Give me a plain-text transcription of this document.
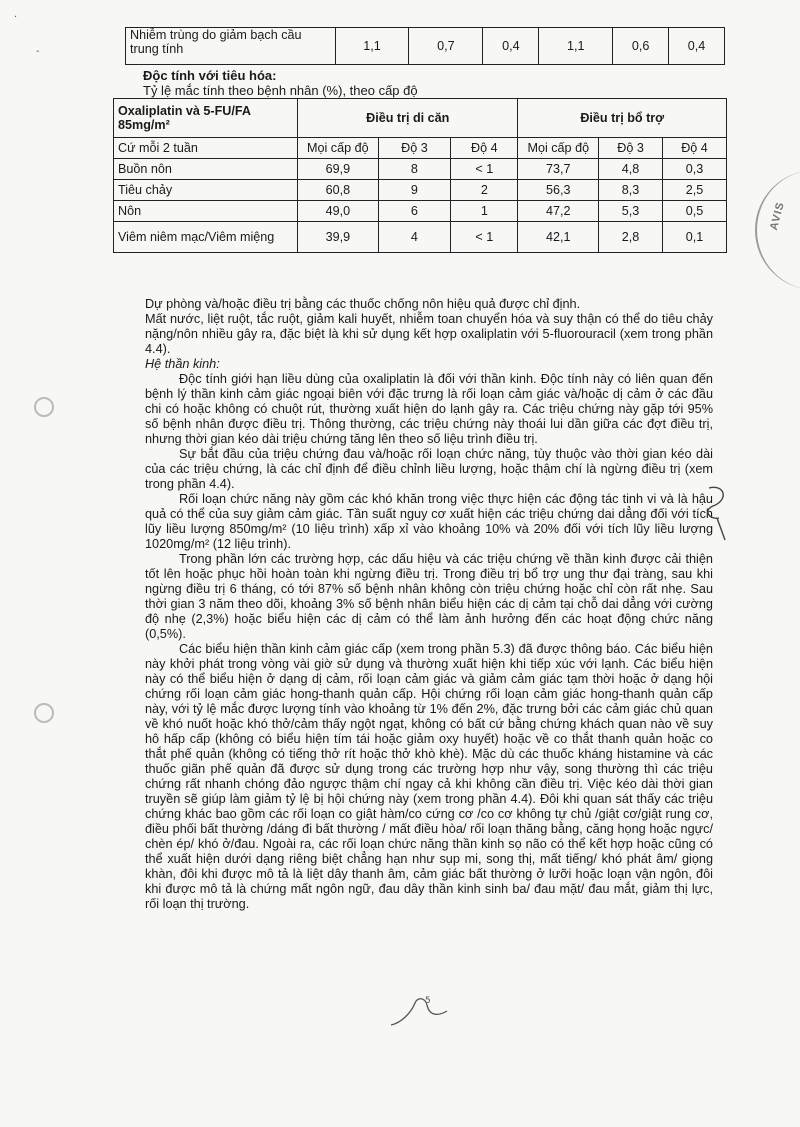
·
-
Nhiễm trùng do giảm bạch cầu trung tính	1,1	0,7	0,4	1,1	0,6	0,4
Độc tính với tiêu hóa:
Tỷ lệ mắc tính theo bệnh nhân (%), theo cấp độ
Oxaliplatin và 5-FU/FA 85mg/m²	Điều trị di căn			Điều trị bổ trợ		
Cứ mỗi 2 tuần	Mọi cấp độ	Độ 3	Độ 4	Mọi cấp độ	Độ 3	Độ 4
Buồn nôn	69,9	8	< 1	73,7	4,8	0,3
Tiêu chảy	60,8	9	2	56,3	8,3	2,5
Nôn	49,0	6	1	47,2	5,3	0,5
Viêm niêm mạc/Viêm miệng	39,9	4	< 1	42,1	2,8	0,1

Dự phòng và/hoặc điều trị bằng các thuốc chống nôn hiệu quả được chỉ định.

Mất nước, liệt ruột, tắc ruột, giảm kali huyết, nhiễm toan chuyển hóa và suy thận có thể do tiêu chảy nặng/nôn nhiều gây ra, đặc biệt là khi sử dụng kết hợp oxaliplatin với 5-fluorouracil (xem trong phần 4.4).

Hệ thần kinh:

Độc tính giới hạn liều dùng của oxaliplatin là đối với thần kinh. Độc tính này có liên quan đến bệnh lý thần kinh cảm giác ngoại biên với đặc trưng là rối loạn cảm giác và/hoặc dị cảm ở các đầu chi có hoặc không có chuột rút, thường xuất hiện do lạnh gây ra. Các triệu chứng này gặp tới 95% số bệnh nhân được điều trị. Thông thường, các triệu chứng này thoái lui dần giữa các đợt điều trị, nhưng thời gian kéo dài triệu chứng tăng lên theo số liệu trình điều trị.

Sự bắt đầu của triệu chứng đau và/hoặc rối loạn chức năng, tùy thuộc vào thời gian kéo dài của các triệu chứng, là các chỉ định để điều chỉnh liều lượng, hoặc thậm chí là ngừng điều trị (xem trong phần 4.4).

Rối loạn chức năng này gồm các khó khăn trong việc thực hiện các động tác tinh vi và là hậu quả có thể của suy giảm cảm giác. Tần suất nguy cơ xuất hiện các triệu chứng dai dẳng đối với tích lũy liều lượng 850mg/m² (10 liệu trình) xấp xỉ vào khoảng 10% và 20% đối với tích lũy liều lượng 1020mg/m² (12 liệu trình).

Trong phần lớn các trường hợp, các dấu hiệu và các triệu chứng về thần kinh được cải thiện tốt lên hoặc phục hồi hoàn toàn khi ngừng điều trị. Trong điều trị bổ trợ ung thư đại tràng, sau khi ngừng điều trị 6 tháng, có tới 87% số bệnh nhân không còn triệu chứng hoặc chỉ còn rất nhẹ. Sau thời gian 3 năm theo dõi, khoảng 3% số bệnh nhân biểu hiện các dị cảm tại chỗ dai dẳng với cường độ nhẹ (2,3%) hoặc biểu hiện các dị cảm có thể làm ảnh hưởng đến các hoạt động chức năng (0,5%).

Các biểu hiện thần kinh cảm giác cấp (xem trong phần 5.3) đã được thông báo. Các biểu hiện này khởi phát trong vòng vài giờ sử dụng và thường xuất hiện khi tiếp xúc với lạnh. Các biểu hiện này có thể biểu hiện ở dạng dị cảm, rối loạn cảm giác và giảm cảm giác tạm thời hoặc ở dạng hội chứng rối loạn cảm giác hong-thanh quản cấp. Hội chứng rối loạn cảm giác hong-thanh quản cấp này, với tỷ lệ mắc được lượng tính vào khoảng từ 1% đến 2%, đặc trưng bởi các cảm giác chủ quan về khó nuốt hoặc khó thở/cảm thấy ngột ngạt, không có bất cứ bằng chứng khách quan nào về suy hô hấp cấp (không có biểu hiện tím tái hoặc giảm oxy huyết) hoặc về co thắt thanh quản hoặc co thắt phế quản (không có tiếng thở rít hoặc thở khò khè). Mặc dù các thuốc kháng histamine và các thuốc giãn phế quản đã được sử dụng trong các trường hợp như vậy, song thường thì các triệu chứng rất nhanh chóng đảo ngược thậm chí ngay cả khi không cần điều trị. Việc kéo dài thời gian truyền sẽ giúp làm giảm tỷ lệ bị hội chứng này (xem trong phần 4.4). Đôi khi quan sát thấy các triệu chứng khác bao gồm các rối loạn co giật hàm/co cứng cơ /co cơ không tự chủ /giật cơ/giật rung cơ, điều phối bất thường /dáng đi bất thường / mất điều hòa/ rối loạn thăng bằng, căng họng hoặc ngực/ chèn ép/ khó ở/đau. Ngoài ra, các rối loạn chức năng thần kinh sọ não có thể kết hợp hoặc cũng có thể xuất hiện dưới dạng riêng biệt chẳng hạn như sụp mi, song thị, mất tiếng/ khó phát âm/ giọng khàn, đôi khi được mô tả là liệt dây thanh âm, cảm giác bất thường ở lưỡi hoặc loạn vận ngôn, đôi khi được mô tả là chứng mất ngôn ngữ, đau dây thần kinh sinh ba/ đau mặt/ đau mắt, giảm thị lực, rối loạn thị trường.

AVIS
5
